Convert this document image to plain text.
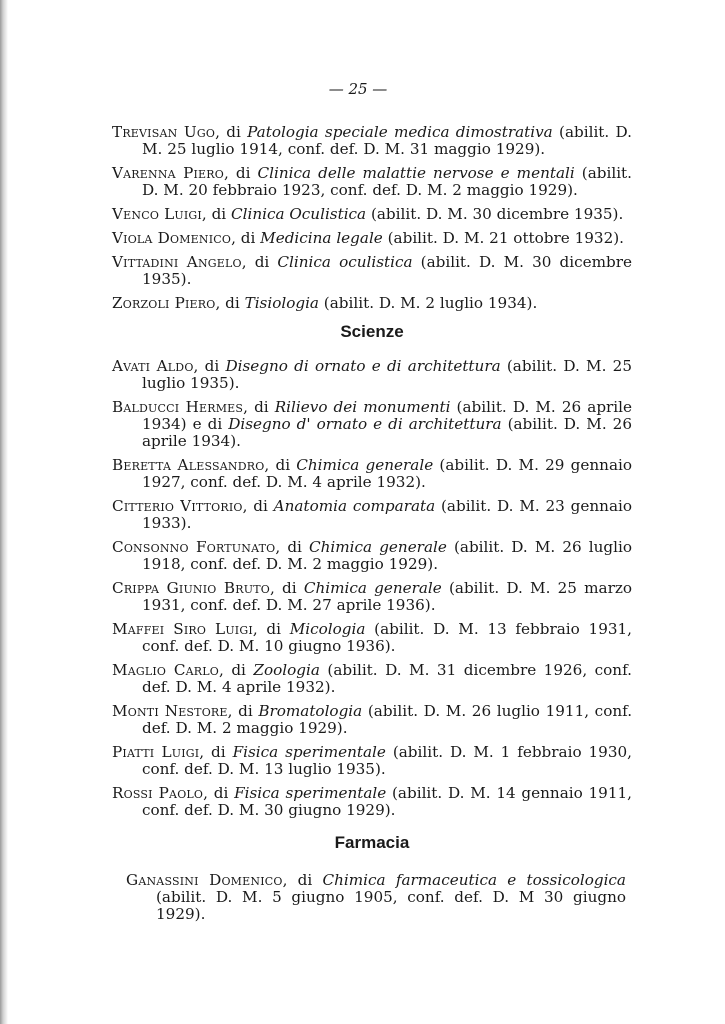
— 25 —

Trevisan Ugo, di Patologia speciale medica dimostrativa (abilit. D. M. 25 luglio 1914, conf. def. D. M. 31 maggio 1929).

Varenna Piero, di Clinica delle malattie nervose e mentali (abilit. D. M. 20 febbraio 1923, conf. def. D. M. 2 maggio 1929).

Venco Luigi, di Clinica Oculistica (abilit. D. M. 30 dicembre 1935).

Viola Domenico, di Medicina legale (abilit. D. M. 21 ottobre 1932).

Vittadini Angelo, di Clinica oculistica (abilit. D. M. 30 dicembre 1935).

Zorzoli Piero, di Tisiologia (abilit. D. M. 2 luglio 1934).

Scienze

Avati Aldo, di Disegno di ornato e di architettura (abilit. D. M. 25 luglio 1935).

Balducci Hermes, di Rilievo dei monumenti (abilit. D. M. 26 aprile 1934) e di Disegno d' ornato e di architettura (abilit. D. M. 26 aprile 1934).

Beretta Alessandro, di Chimica generale (abilit. D. M. 29 gennaio 1927, conf. def. D. M. 4 aprile 1932).

Citterio Vittorio, di Anatomia comparata (abilit. D. M. 23 gennaio 1933).

Consonno Fortunato, di Chimica generale (abilit. D. M. 26 luglio 1918, conf. def. D. M. 2 maggio 1929).

Crippa Giunio Bruto, di Chimica generale (abilit. D. M. 25 marzo 1931, conf. def. D. M. 27 aprile 1936).

Maffei Siro Luigi, di Micologia (abilit. D. M. 13 febbraio 1931, conf. def. D. M. 10 giugno 1936).

Maglio Carlo, di Zoologia (abilit. D. M. 31 dicembre 1926, conf. def. D. M. 4 aprile 1932).

Monti Nestore, di Bromatologia (abilit. D. M. 26 luglio 1911, conf. def. D. M. 2 maggio 1929).

Piatti Luigi, di Fisica sperimentale (abilit. D. M. 1 febbraio 1930, conf. def. D. M. 13 luglio 1935).

Rossi Paolo, di Fisica sperimentale (abilit. D. M. 14 gennaio 1911, conf. def. D. M. 30 giugno 1929).

Farmacia

Ganassini Domenico, di Chimica farmaceutica e tossicologica (abilit. D. M. 5 giugno 1905, conf. def. D. M 30 giugno 1929).
